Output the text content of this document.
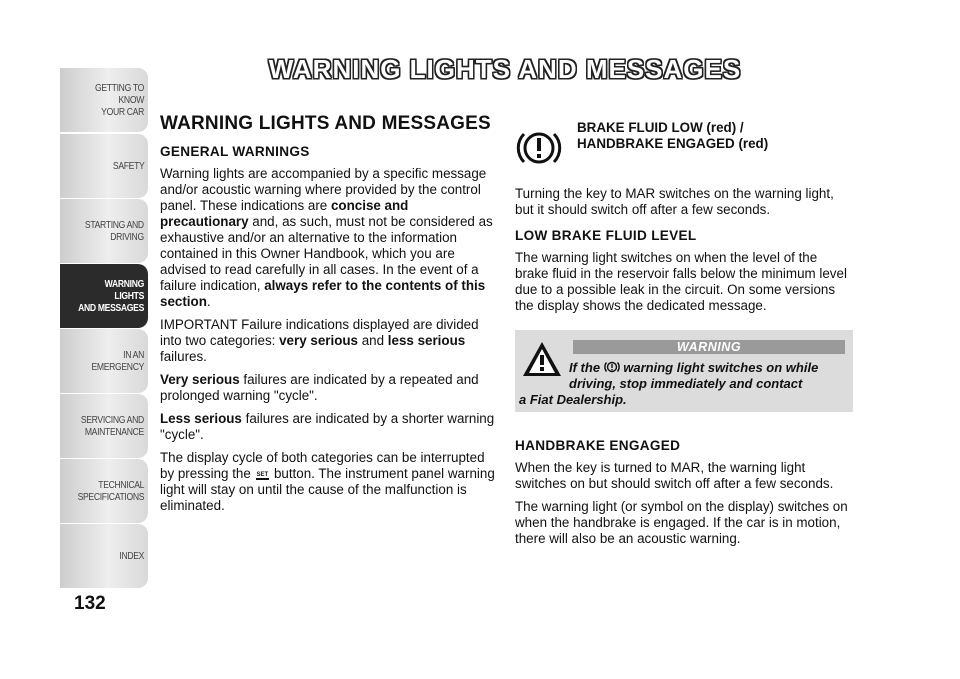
GETTING TO KNOW
YOUR CAR
SAFETY
STARTING AND
DRIVING
WARNING LIGHTS
AND MESSAGES
IN AN EMERGENCY
SERVICING AND
MAINTENANCE
TECHNICAL
SPECIFICATIONS
INDEX
132
WARNING LIGHTS AND MESSAGES
WARNING LIGHTS AND MESSAGES
GENERAL WARNINGS

Warning lights are accompanied by a specific message and/or acoustic warning where provided by the control panel. These indications are concise and precautionary and, as such, must not be considered as exhaustive and/or an alternative to the information contained in this Owner Handbook, which you are advised to read carefully in all cases. In the event of a failure indication, always refer to the contents of this section.

IMPORTANT Failure indications displayed are divided into two categories: very serious and less serious failures.

Very serious failures are indicated by a repeated and prolonged warning "cycle".

Less serious failures are indicated by a shorter warning "cycle".

The display cycle of both categories can be interrupted by pressing the SET button. The instrument panel warning light will stay on until the cause of the malfunction is eliminated.

BRAKE FLUID LOW (red) /
HANDBRAKE ENGAGED (red)

Turning the key to MAR switches on the warning light, but it should switch off after a few seconds.

LOW BRAKE FLUID LEVEL

The warning light switches on when the level of the brake fluid in the reservoir falls below the minimum level due to a possible leak in the circuit. On some versions the display shows the dedicated message.

WARNING
If the  warning light switches on while
driving, stop immediately and contact
a Fiat Dealership.
HANDBRAKE ENGAGED

When the key is turned to MAR, the warning light switches on but should switch off after a few seconds.

The warning light (or symbol on the display) switches on when the handbrake is engaged. If the car is in motion, there will also be an acoustic warning.
